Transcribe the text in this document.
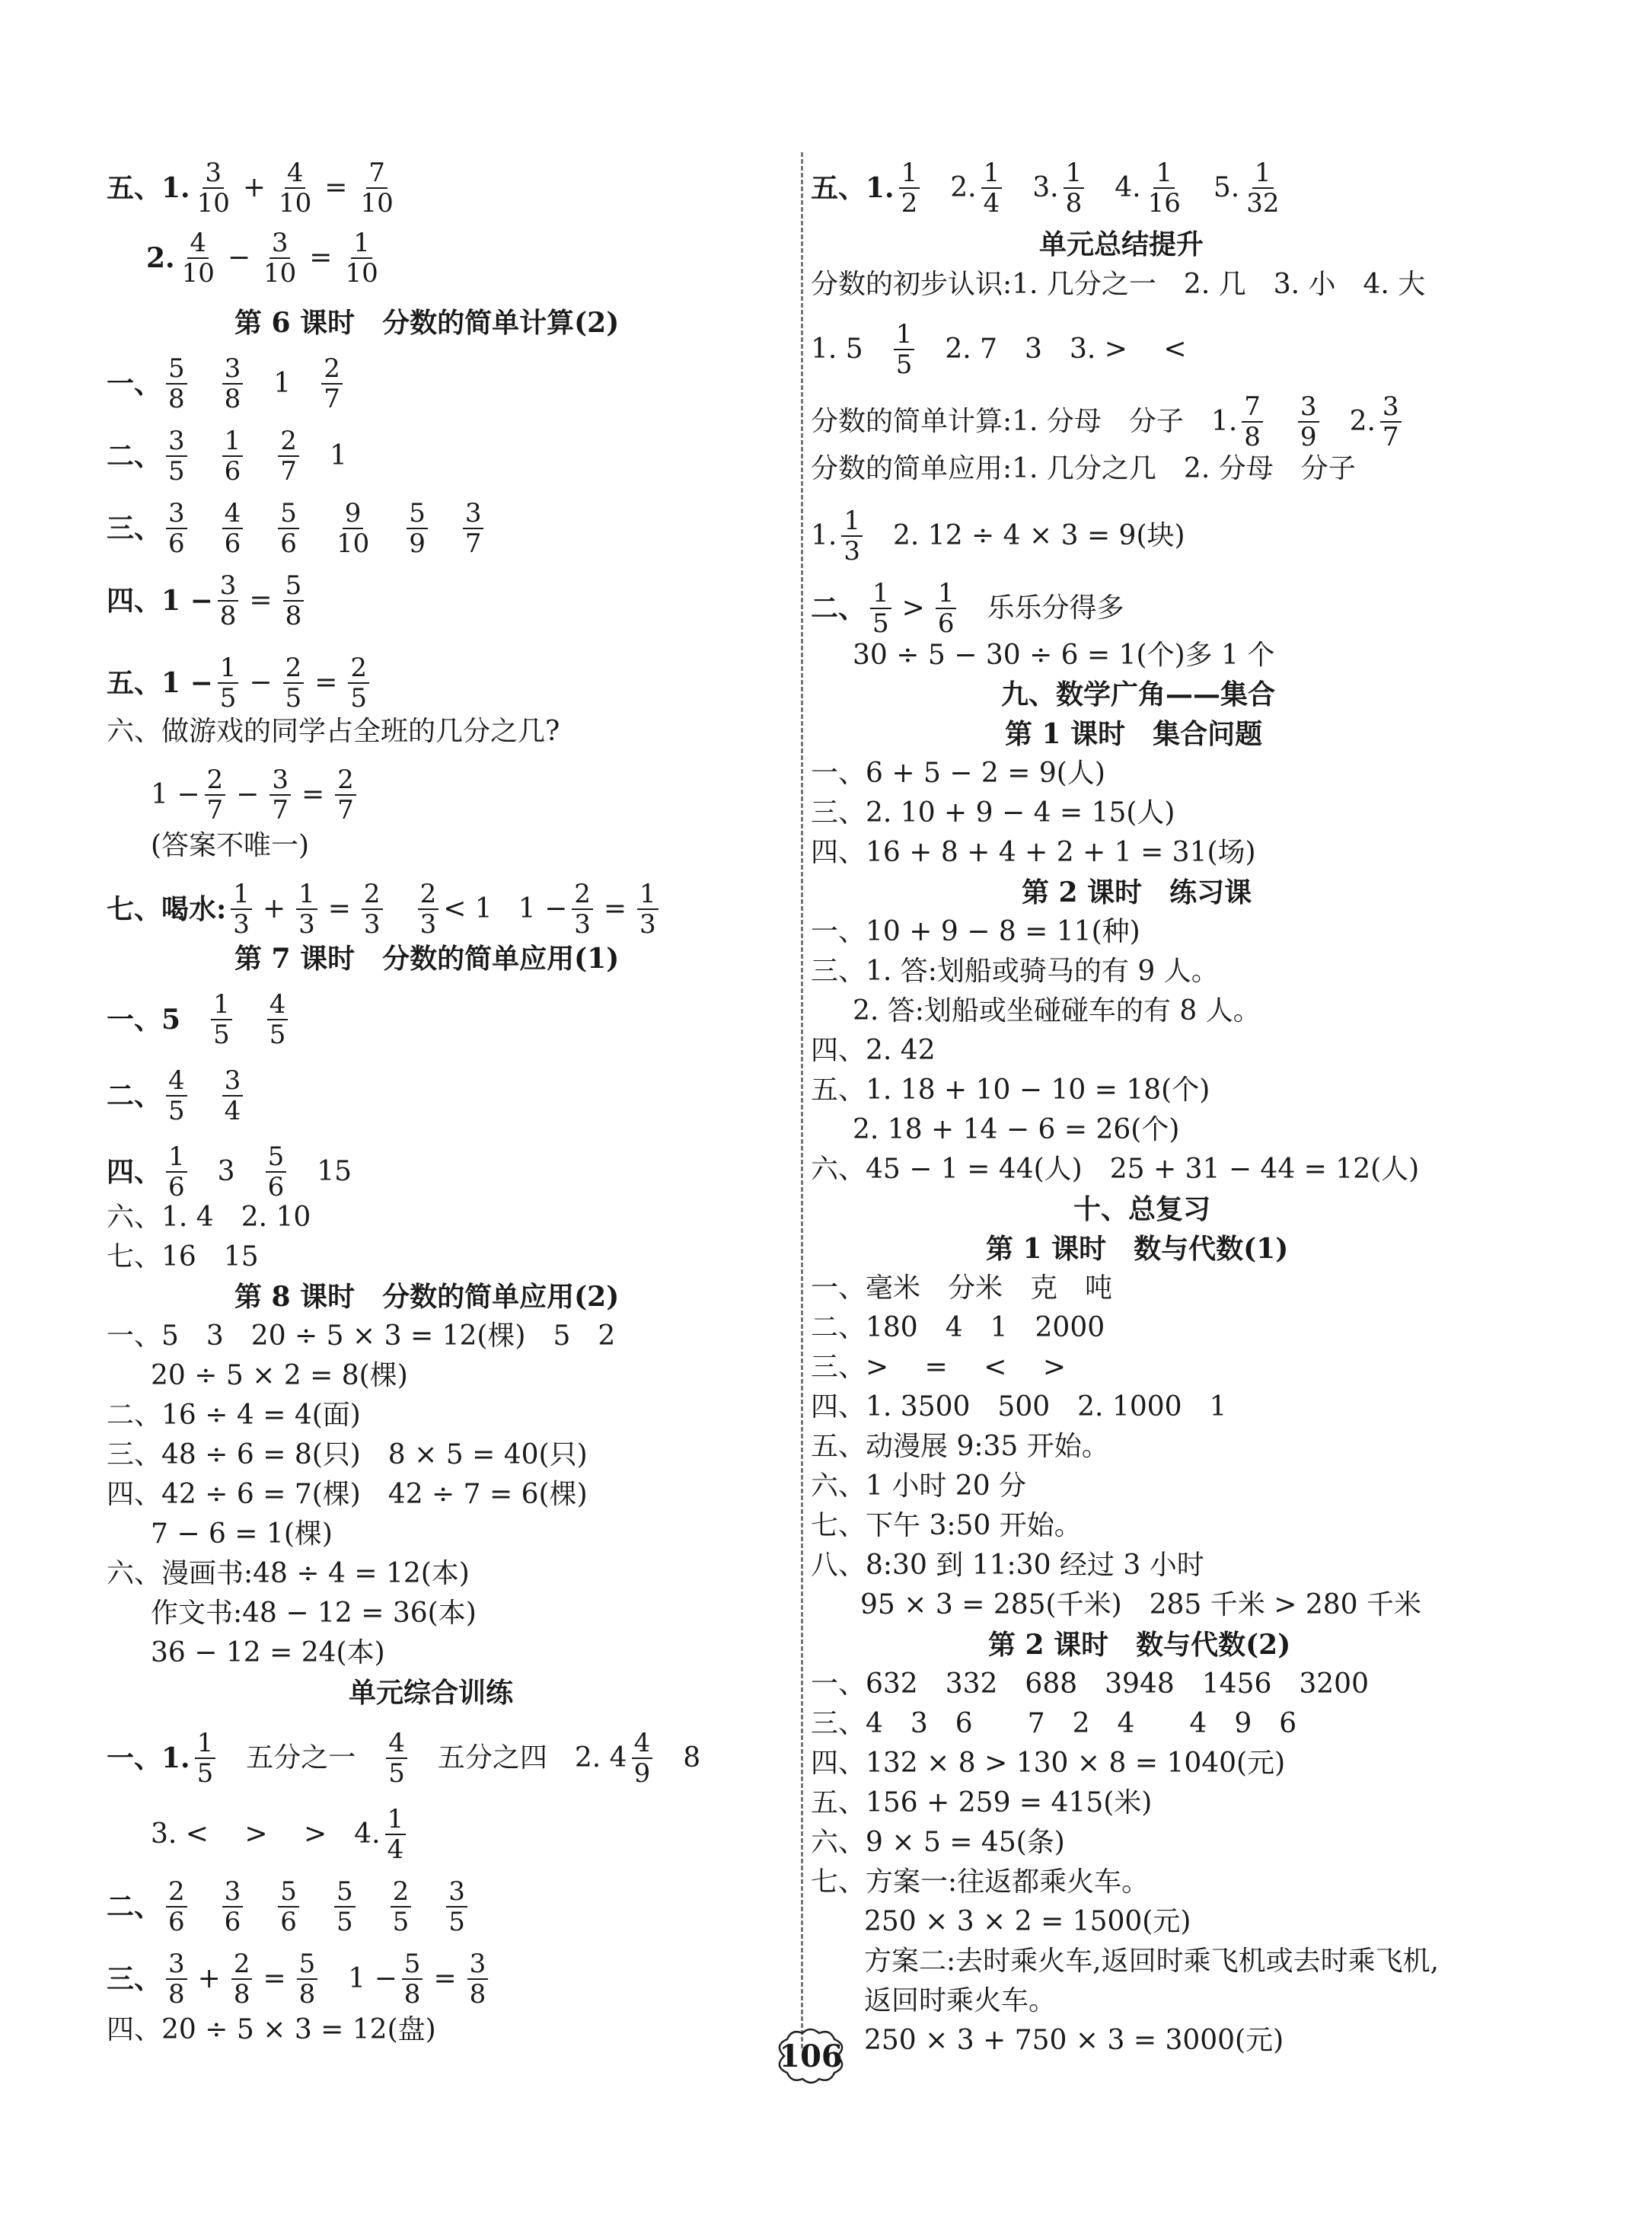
五、1. $\frac{3}{10} + \frac{4}{10} = \frac{7}{10}$
2. $\frac{4}{10} - \frac{3}{10} = \frac{1}{10}$
第 6 课时　分数的简单计算(2)
一、 $\frac{5}{8} \frac{3}{8} 1 \frac{2}{7}$
二、 $\frac{3}{5} \frac{1}{6} \frac{2}{7} 1$
三、 $\frac{3}{6} \frac{4}{6} \frac{5}{6} \frac{9}{10} \frac{5}{9} \frac{3}{7}$
四、$1 - \frac{3}{8} = \frac{5}{8}$
五、$1 - \frac{1}{5} - \frac{2}{5} = \frac{2}{5}$
六、做游戏的同学占全班的几分之几?
$1 - \frac{2}{7} - \frac{3}{7} = \frac{2}{7}$
(答案不唯一)
七、喝水: $\frac{1}{3} + \frac{1}{3} = \frac{2}{3} \frac{2}{3} < 1$ $1 - \frac{2}{3} = \frac{1}{3}$
第 7 课时　分数的简单应用(1)
一、$5 \frac{1}{5} \frac{4}{5}$
二、 $\frac{4}{5} \frac{3}{4}$
四、 $\frac{1}{6} 3 \frac{5}{6} 15$
六、1. 4　2. 10
七、16　15
第 8 课时　分数的简单应用(2)
一、5　3　20 ÷ 5 × 3 = 12(棵)　5　2
20 ÷ 5 × 2 = 8(棵)
二、16 ÷ 4 = 4(面)
三、48 ÷ 6 = 8(只)　8 × 5 = 40(只)
四、42 ÷ 6 = 7(棵)　42 ÷ 7 = 6(棵)
7 − 6 = 1(棵)
六、漫画书:48 ÷ 4 = 12(本)
作文书:48 − 12 = 36(本)
36 − 12 = 24(本)
单元综合训练
一、1. $\frac{1}{5}$ 五分之一 $\frac{4}{5}$ 五分之四　2. $4 \frac{4}{9} 8$
3. <　 >　 >　4. $\frac{1}{4}$
二、 $\frac{2}{6} \frac{3}{6} \frac{5}{6} \frac{5}{5} \frac{2}{5} \frac{3}{5}$
三、 $\frac{3}{8} + \frac{2}{8} = \frac{5}{8} 1 - \frac{5}{8} = \frac{3}{8}$
四、20 ÷ 5 × 3 = 12(盘)
五、1. $\frac{1}{2} 2$. $\frac{1}{4} 3$. $\frac{1}{8} 4$. $\frac{1}{16} 5$. $\frac{1}{32}$
单元总结提升
分数的初步认识:1. 几分之一　2. 几　3. 小　4. 大
1. $5 \frac{1}{5} 2$. 7　3　3. >　 <
分数的简单计算:1. 分母　分子　1. $\frac{7}{8} \frac{3}{9} 2$. $\frac{3}{7}$
分数的简单应用:1. 几分之几　2. 分母　分子
1. $\frac{1}{3} 2$. 12 ÷ 4 × 3 = 9(块)
二、 $\frac{1}{5} > \frac{1}{6}$ 乐乐分得多
30 ÷ 5 − 30 ÷ 6 = 1(个)多 1 个
九、数学广角——集合
第 1 课时　集合问题
一、6 + 5 − 2 = 9(人)
三、2. 10 + 9 − 4 = 15(人)
四、16 + 8 + 4 + 2 + 1 = 31(场)
第 2 课时　练习课
一、10 + 9 − 8 = 11(种)
三、1. 答:划船或骑马的有 9 人。
2. 答:划船或坐碰碰车的有 8 人。
四、2. 42
五、1. 18 + 10 − 10 = 18(个)
2. 18 + 14 − 6 = 26(个)
六、45 − 1 = 44(人)　25 + 31 − 44 = 12(人)
十、总复习
第 1 课时　数与代数(1)
一、毫米　分米　克　吨
二、180　4　1　2000
三、>　 =　 <　 >
四、1. 3500　500　2. 1000　1
五、动漫展 9:35 开始。
六、1 小时 20 分
七、下午 3:50 开始。
八、8:30 到 11:30 经过 3 小时
95 × 3 = 285(千米)　285 千米 > 280 千米
第 2 课时　数与代数(2)
一、632　332　688　3948　1456　3200
三、4　3　6　　7　2　4　　4　9　6
四、132 × 8 > 130 × 8 = 1040(元)
五、156 + 259 = 415(米)
六、9 × 5 = 45(条)
七、方案一:往返都乘火车。
250 × 3 × 2 = 1500(元)
方案二:去时乘火车,返回时乘飞机或去时乘飞机,
返回时乘火车。
250 × 3 + 750 × 3 = 3000(元)
106
